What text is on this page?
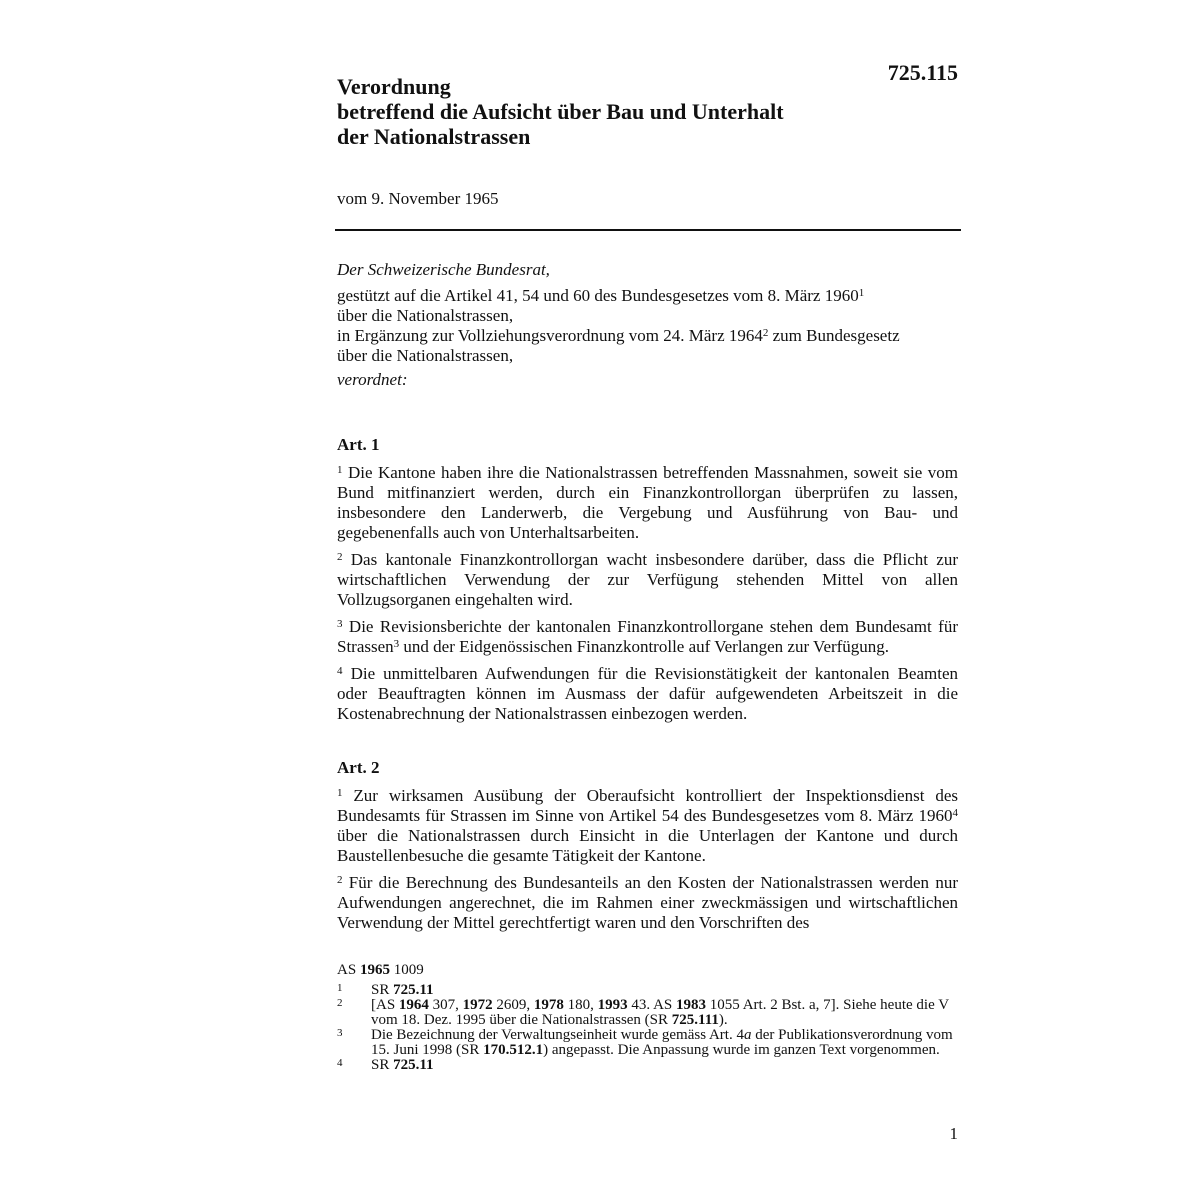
725.115
Verordnung
betreffend die Aufsicht über Bau und Unterhalt
der Nationalstrassen
vom 9. November 1965
Der Schweizerische Bundesrat,
gestützt auf die Artikel 41, 54 und 60 des Bundesgesetzes vom 8. März 1960$^1$
über die Nationalstrassen,
in Ergänzung zur Vollziehungsverordnung vom 24. März 1964$^2$ zum Bundesgesetz
über die Nationalstrassen,
verordnet:
Art. 1

$^1$ Die Kantone haben ihre die Nationalstrassen betreffenden Massnahmen, soweit sie vom Bund mitfinanziert werden, durch ein Finanzkontrollorgan überprüfen zu lassen, insbesondere den Landerwerb, die Vergebung und Ausführung von Bau- und gegebenenfalls auch von Unterhaltsarbeiten.

$^2$ Das kantonale Finanzkontrollorgan wacht insbesondere darüber, dass die Pflicht zur wirtschaftlichen Verwendung der zur Verfügung stehenden Mittel von allen Vollzugsorganen eingehalten wird.

$^3$ Die Revisionsberichte der kantonalen Finanzkontrollorgane stehen dem Bundesamt für Strassen$^3$ und der Eidgenössischen Finanzkontrolle auf Verlangen zur Verfügung.

$^4$ Die unmittelbaren Aufwendungen für die Revisionstätigkeit der kantonalen Beamten oder Beauftragten können im Ausmass der dafür aufgewendeten Arbeitszeit in die Kostenabrechnung der Nationalstrassen einbezogen werden.

Art. 2

$^1$ Zur wirksamen Ausübung der Oberaufsicht kontrolliert der Inspektionsdienst des Bundesamts für Strassen im Sinne von Artikel 54 des Bundesgesetzes vom 8. März 1960$^4$ über die Nationalstrassen durch Einsicht in die Unterlagen der Kantone und durch Baustellenbesuche die gesamte Tätigkeit der Kantone.

$^2$ Für die Berechnung des Bundesanteils an den Kosten der Nationalstrassen werden nur Aufwendungen angerechnet, die im Rahmen einer zweckmässigen und wirtschaftlichen Verwendung der Mittel gerechtfertigt waren und den Vorschriften des

AS 1965 1009
1 SR 725.11
2 [AS 1964 307, 1972 2609, 1978 180, 1993 43. AS 1983 1055 Art. 2 Bst. a, 7]. Siehe heute die V vom 18. Dez. 1995 über die Nationalstrassen (SR 725.111).
3 Die Bezeichnung der Verwaltungseinheit wurde gemäss Art. 4a der Publikationsverordnung vom 15. Juni 1998 (SR 170.512.1) angepasst. Die Anpassung wurde im ganzen Text vorgenommen.
4 SR 725.11
1
